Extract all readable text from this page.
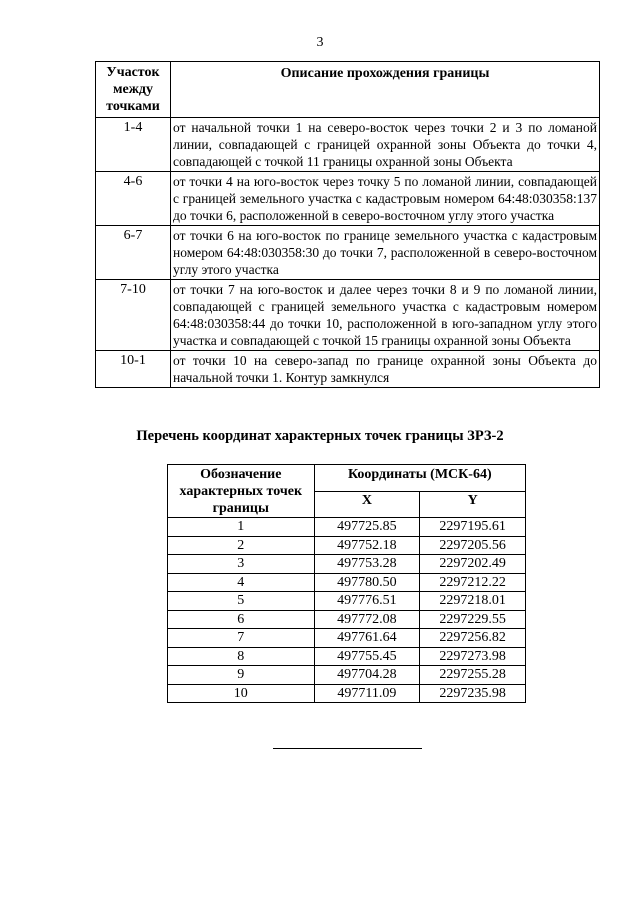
3
Участок между точками	Описание прохождения границы
1-4	от начальной точки 1 на северо-восток через точки 2 и 3 по ломаной линии, совпадающей с границей охранной зоны Объекта до точки 4, совпадающей с точкой 11 границы охранной зоны Объекта
4-6	от точки 4 на юго-восток через точку 5 по ломаной линии, совпадающей с границей земельного участка с кадастровым номером 64:48:030358:137 до точки 6, расположенной в северо-восточном углу этого участка
6-7	от точки 6 на юго-восток по границе земельного участка с кадастровым номером 64:48:030358:30 до точки 7, расположенной в северо-восточном углу этого участка
7-10	от точки 7 на юго-восток и далее через точки 8 и 9 по ломаной линии, совпадающей с границей земельного участка с кадастровым номером 64:48:030358:44 до точки 10, расположенной в юго-западном углу этого участка и совпадающей с точкой 15 границы охранной зоны Объекта
10-1	от точки 10 на северо-запад по границе охранной зоны Объекта до начальной точки 1. Контур замкнулся
Перечень координат характерных точек границы ЗРЗ-2
Обозначение характерных точек границы	Координаты (МСК-64)	
	X	Y
1	497725.85	2297195.61
2	497752.18	2297205.56
3	497753.28	2297202.49
4	497780.50	2297212.22
5	497776.51	2297218.01
6	497772.08	2297229.55
7	497761.64	2297256.82
8	497755.45	2297273.98
9	497704.28	2297255.28
10	497711.09	2297235.98
